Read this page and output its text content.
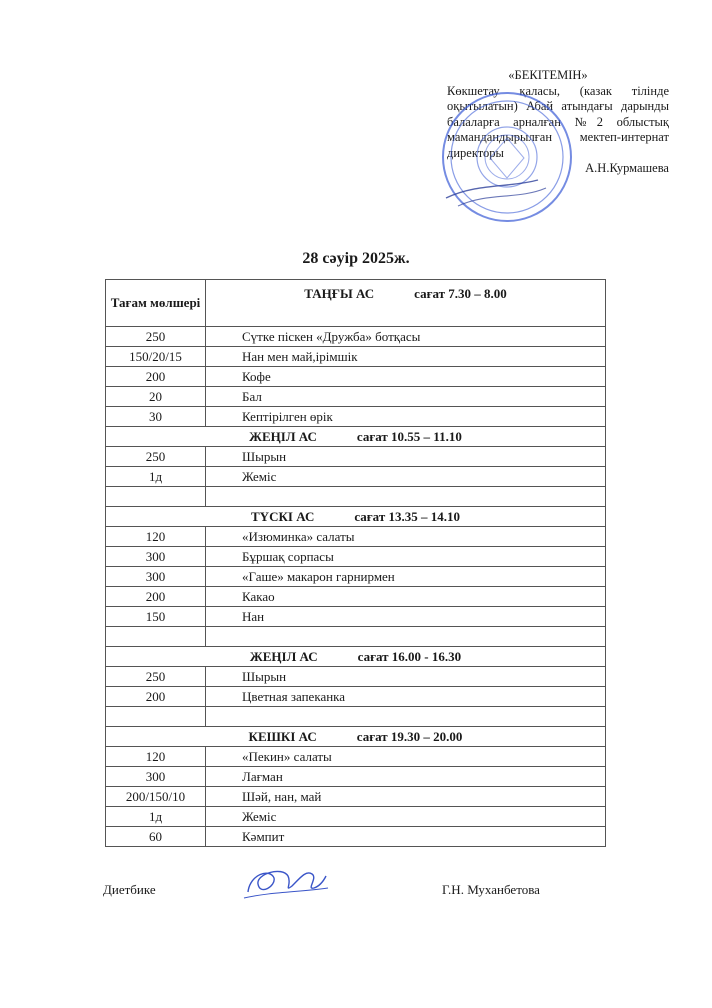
«БЕКІТЕМІН»
Көкшетау қаласы, (казак тілінде оқытылатын) Абай атындағы дарынды балаларға арналған №2 облыстық мамандандырылған мектеп-интернат директоры
А.Н.Курмашева
28 сәуір 2025ж.
Тағам мөлшері	ТАҢҒЫ АС сағат 7.30 – 8.00
250	Сүтке піскен «Дружба» ботқасы
150/20/15	Нан мен май,ірімшік
200	Кофе
20	Бал
30	Кептірілген өрік
ЖЕҢІЛ АС сағат 10.55 – 11.10	
250	Шырын
1д	Жеміс

ТҮСКІ АС сағат 13.35 – 14.10	
120	«Изюминка» салаты
300	Бұршақ сорпасы
300	«Гаше» макарон гарнирмен
200	Какао
150	Нан

ЖЕҢІЛ АС сағат 16.00 - 16.30	
250	Шырын
200	Цветная запеканка

КЕШКІ АС сағат 19.30 – 20.00	
120	«Пекин» салаты
300	Лағман
200/150/10	Шәй, нан, май
1д	Жеміс
60	Кәмпит
Диетбике	Г.Н. Муханбетова
